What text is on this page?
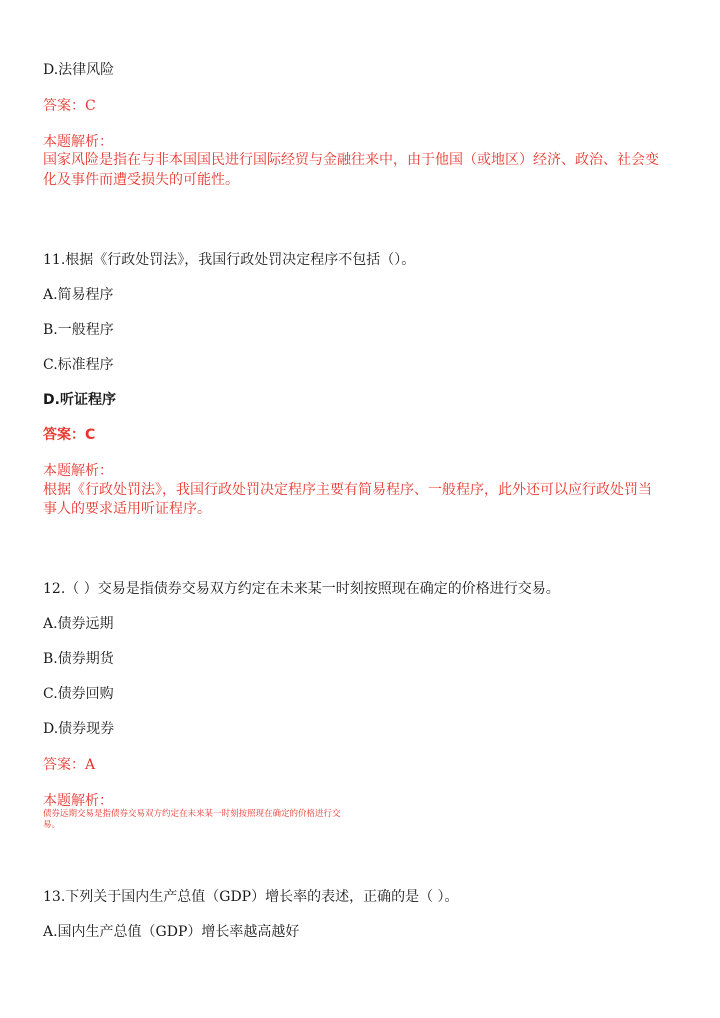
D.法律风险
答案：C
本题解析：
国家风险是指在与非本国国民进行国际经贸与金融往来中，由于他国（或地区）经济、政治、社会变
化及事件而遭受损失的可能性。
11.根据《行政处罚法》，我国行政处罚决定程序不包括（）。
A.简易程序
B.一般程序
C.标准程序
D.听证程序
答案：C
本题解析：
根据《行政处罚法》，我国行政处罚决定程序主要有简易程序、一般程序，此外还可以应行政处罚当
事人的要求适用听证程序。
12.（ ）交易是指债券交易双方约定在未来某一时刻按照现在确定的价格进行交易。
A.债券远期
B.债券期货
C.债券回购
D.债券现券
答案：A
本题解析：
债券远期交易是指债券交易双方约定在未来某一时刻按照现在确定的价格进行交
易。
13.下列关于国内生产总值（GDP）增长率的表述，正确的是（ ）。
A.国内生产总值（GDP）增长率越高越好
